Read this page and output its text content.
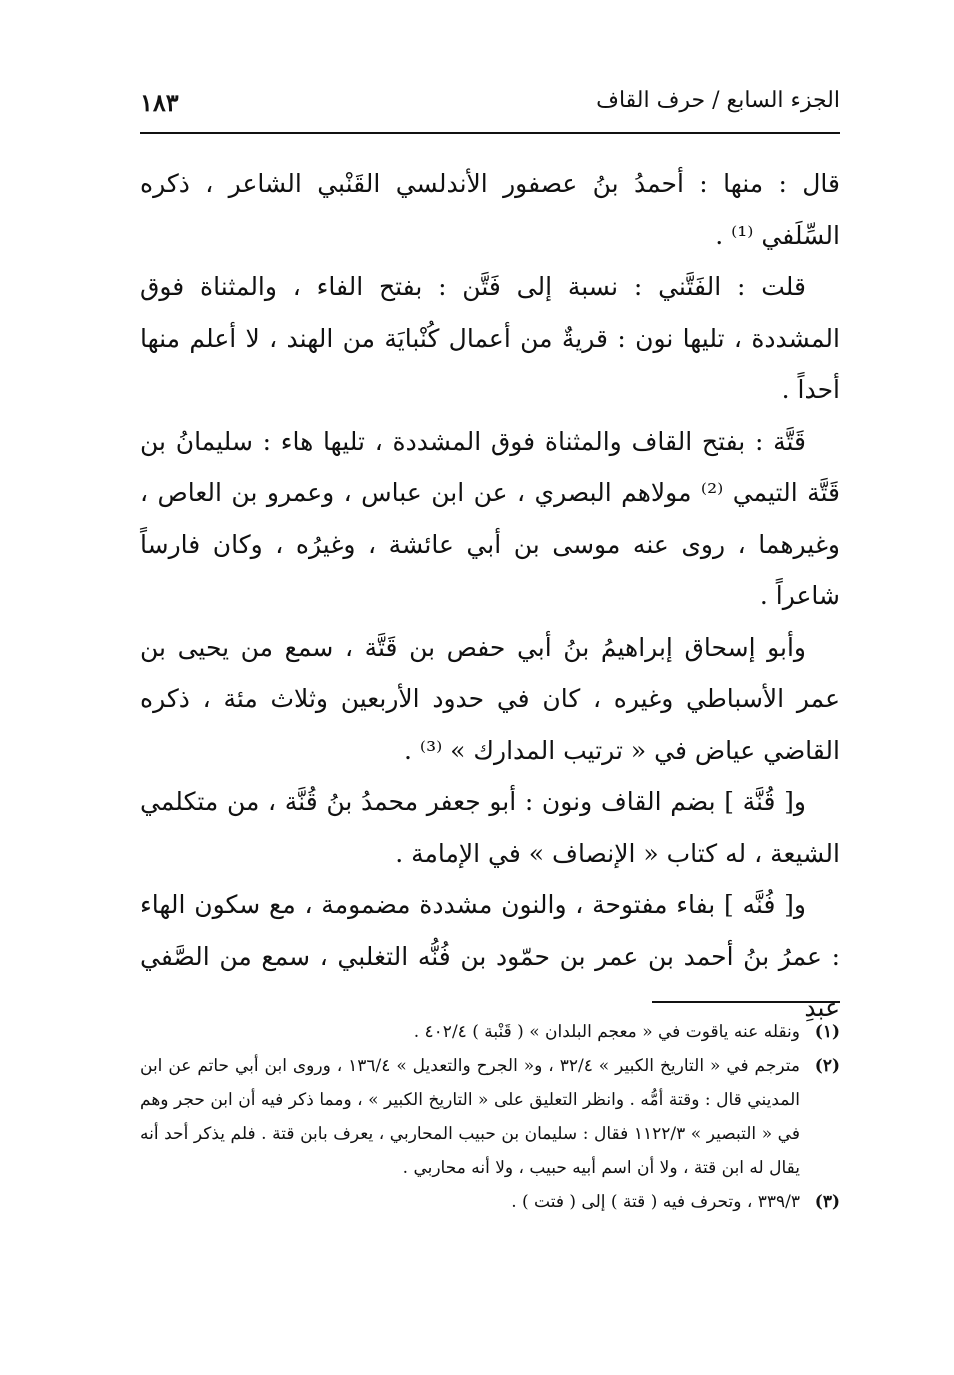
الجزء السابع / حرف القاف
١٨٣

قال : منها : أحمدُ بنُ عصفور الأندلسي القَنْبي الشاعر ، ذكره السِّلَفي ⁽¹⁾ .

قلت : الفَتَّني : نسبة إلى فَتَّن : بفتح الفاء ، والمثناة فوق المشددة ، تليها نون : قريةٌ من أعمال كُنْبايَة من الهند ، لا أعلم منها أحداً .

قَتَّة : بفتح القاف والمثناة فوق المشددة ، تليها هاء : سليمانُ بن قَتَّة التيمي ⁽²⁾ مولاهم البصري ، عن ابن عباس ، وعمرو بن العاص ، وغيرهما ، روى عنه موسى بن أبي عائشة ، وغيرُه ، وكان فارساً شاعراً .

وأبو إسحاق إبراهيمُ بنُ أبي حفص بن قَتَّة ، سمع من يحيى بن عمر الأسباطي وغيره ، كان في حدود الأربعين وثلاث مئة ، ذكره القاضي عياض في « ترتيب المدارك » ⁽³⁾ .

و[ قُنَّة ] بضم القاف ونون : أبو جعفر محمدُ بنُ قُنَّة ، من متكلمي الشيعة ، له كتاب « الإنصاف » في الإمامة .

و[ فُنَّه ] بفاء مفتوحة ، والنون مشددة مضمومة ، مع سكون الهاء : عمرُ بنُ أحمد بن عمر بن حمّود بن فُنُّه التغلبي ، سمع من الصَّفي عبدِ

(١)
ونقله عنه ياقوت في « معجم البلدان » ( قَنْبة ) ٤٠٢/٤ .
(٢)
مترجم في « التاريخ الكبير » ٣٢/٤ ، و« الجرح والتعديل » ١٣٦/٤ ، وروى ابن أبي حاتم عن ابن المديني قال : وقتة أمُّه . وانظر التعليق على « التاريخ الكبير » ، ومما ذكر فيه أن ابن حجر وهم في « التبصير » ١١٢٢/٣ فقال : سليمان بن حبيب المحاربي ، يعرف بابن قتة . فلم يذكر أحد أنه يقال له ابن قتة ، ولا أن اسم أبيه حبيب ، ولا أنه محاربي .
(٣)
٣٣٩/٣ ، وتحرف فيه ( قتة ) إلى ( فتت ) .
